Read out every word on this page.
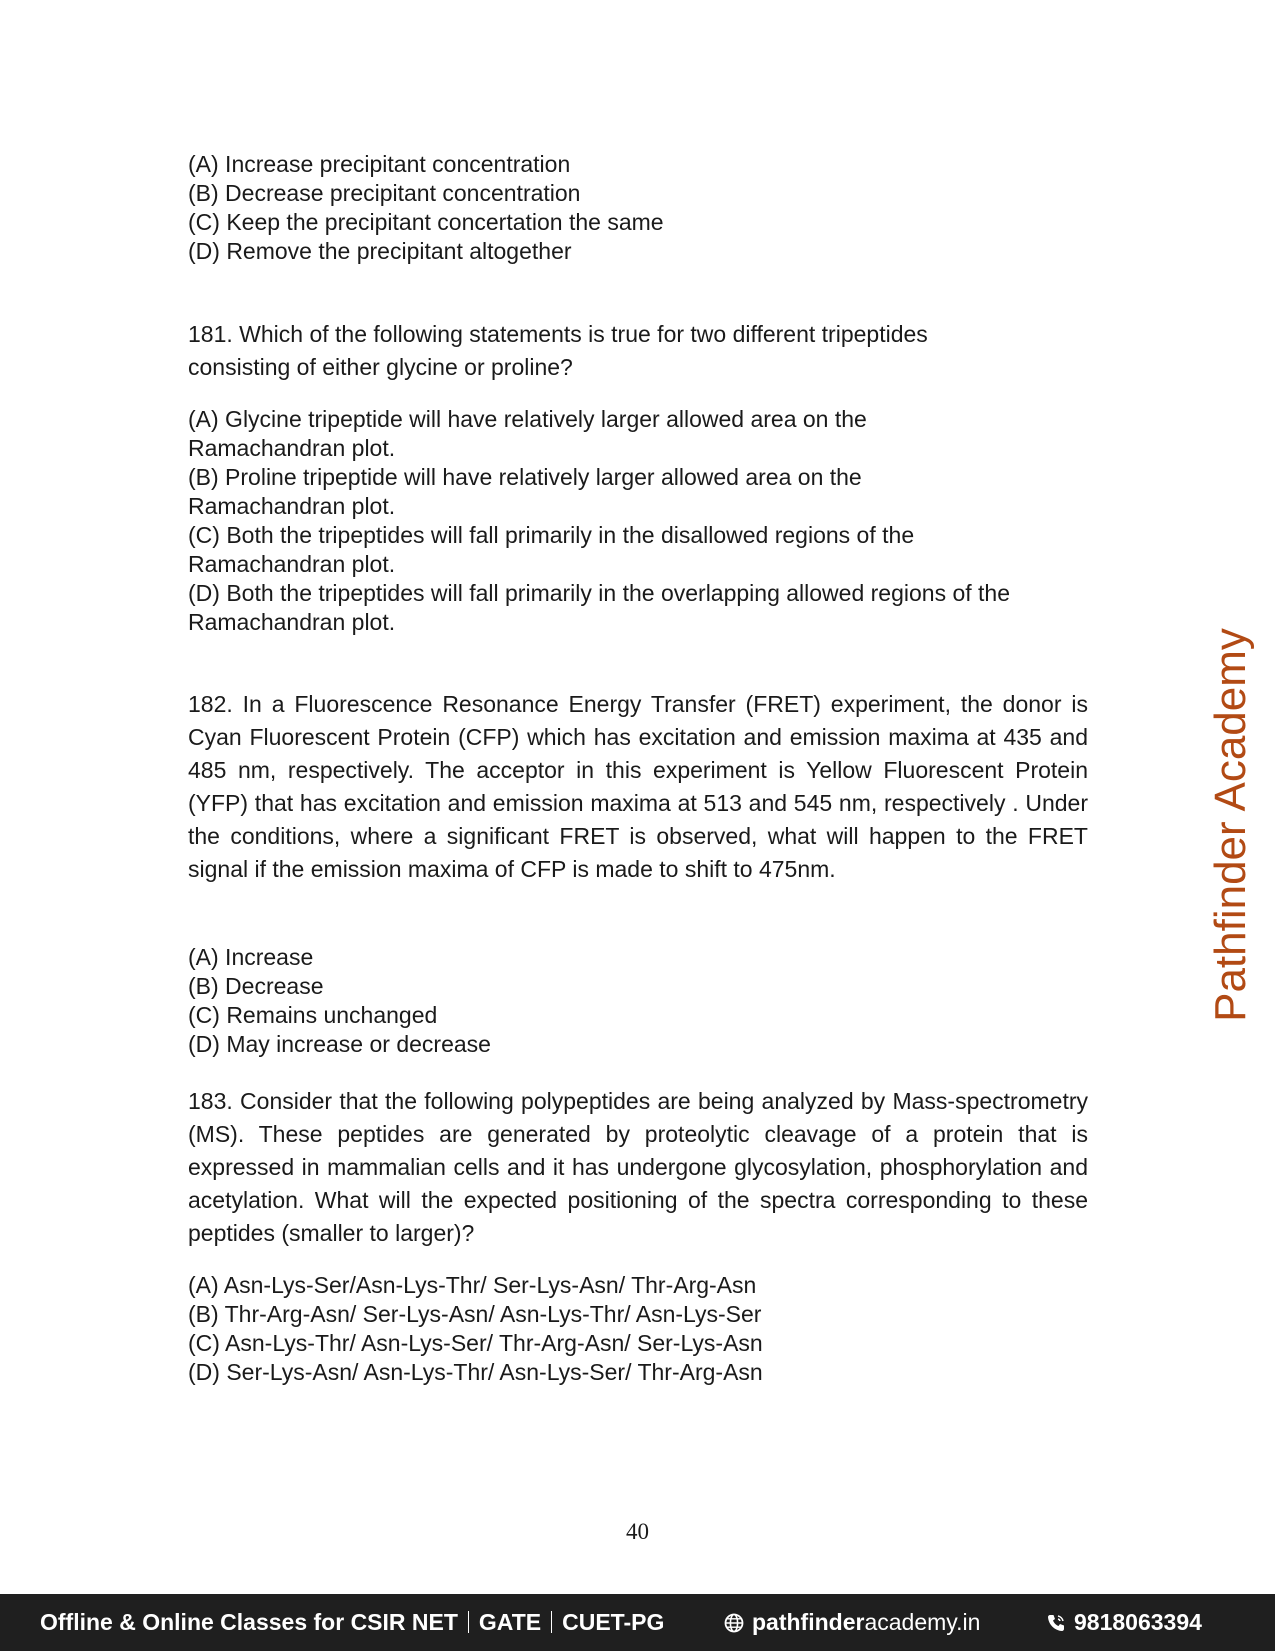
(A) Increase precipitant concentration
(B) Decrease precipitant concentration
(C) Keep the precipitant concertation the same
(D) Remove the precipitant altogether
181. Which of the following statements is true for two different tripeptides consisting of either glycine or proline?
(A) Glycine tripeptide will have relatively larger allowed area on the
Ramachandran plot.
(B) Proline tripeptide will have relatively larger allowed area on the
Ramachandran plot.
(C) Both the tripeptides will fall primarily in the disallowed regions of the
Ramachandran plot.
(D) Both the tripeptides will fall primarily in the overlapping allowed regions of the
Ramachandran plot.
182. In a Fluorescence Resonance Energy Transfer (FRET) experiment, the donor is Cyan Fluorescent Protein (CFP) which has excitation and emission maxima at 435 and 485 nm, respectively. The acceptor in this experiment is Yellow Fluorescent Protein (YFP) that has excitation and emission maxima at 513 and 545 nm, respectively . Under the conditions, where a significant FRET is observed, what will happen to the FRET signal if the emission maxima of CFP is made to shift to 475nm.
(A) Increase
(B) Decrease
(C) Remains unchanged
(D) May increase or decrease
183. Consider that the following polypeptides are being analyzed by Mass-spectrometry (MS). These peptides are generated by proteolytic cleavage of a protein that is expressed in mammalian cells and it has undergone glycosylation, phosphorylation and acetylation. What will the expected positioning of the spectra corresponding to these peptides (smaller to larger)?
(A) Asn-Lys-Ser/Asn-Lys-Thr/ Ser-Lys-Asn/ Thr-Arg-Asn
(B) Thr-Arg-Asn/ Ser-Lys-Asn/ Asn-Lys-Thr/ Asn-Lys-Ser
(C) Asn-Lys-Thr/ Asn-Lys-Ser/ Thr-Arg-Asn/ Ser-Lys-Asn
(D) Ser-Lys-Asn/ Asn-Lys-Thr/ Asn-Lys-Ser/ Thr-Arg-Asn
Pathfinder Academy
40
Offline & Online Classes for CSIR NET GATE CUET-PG	pathfinderacademy.in	9818063394
